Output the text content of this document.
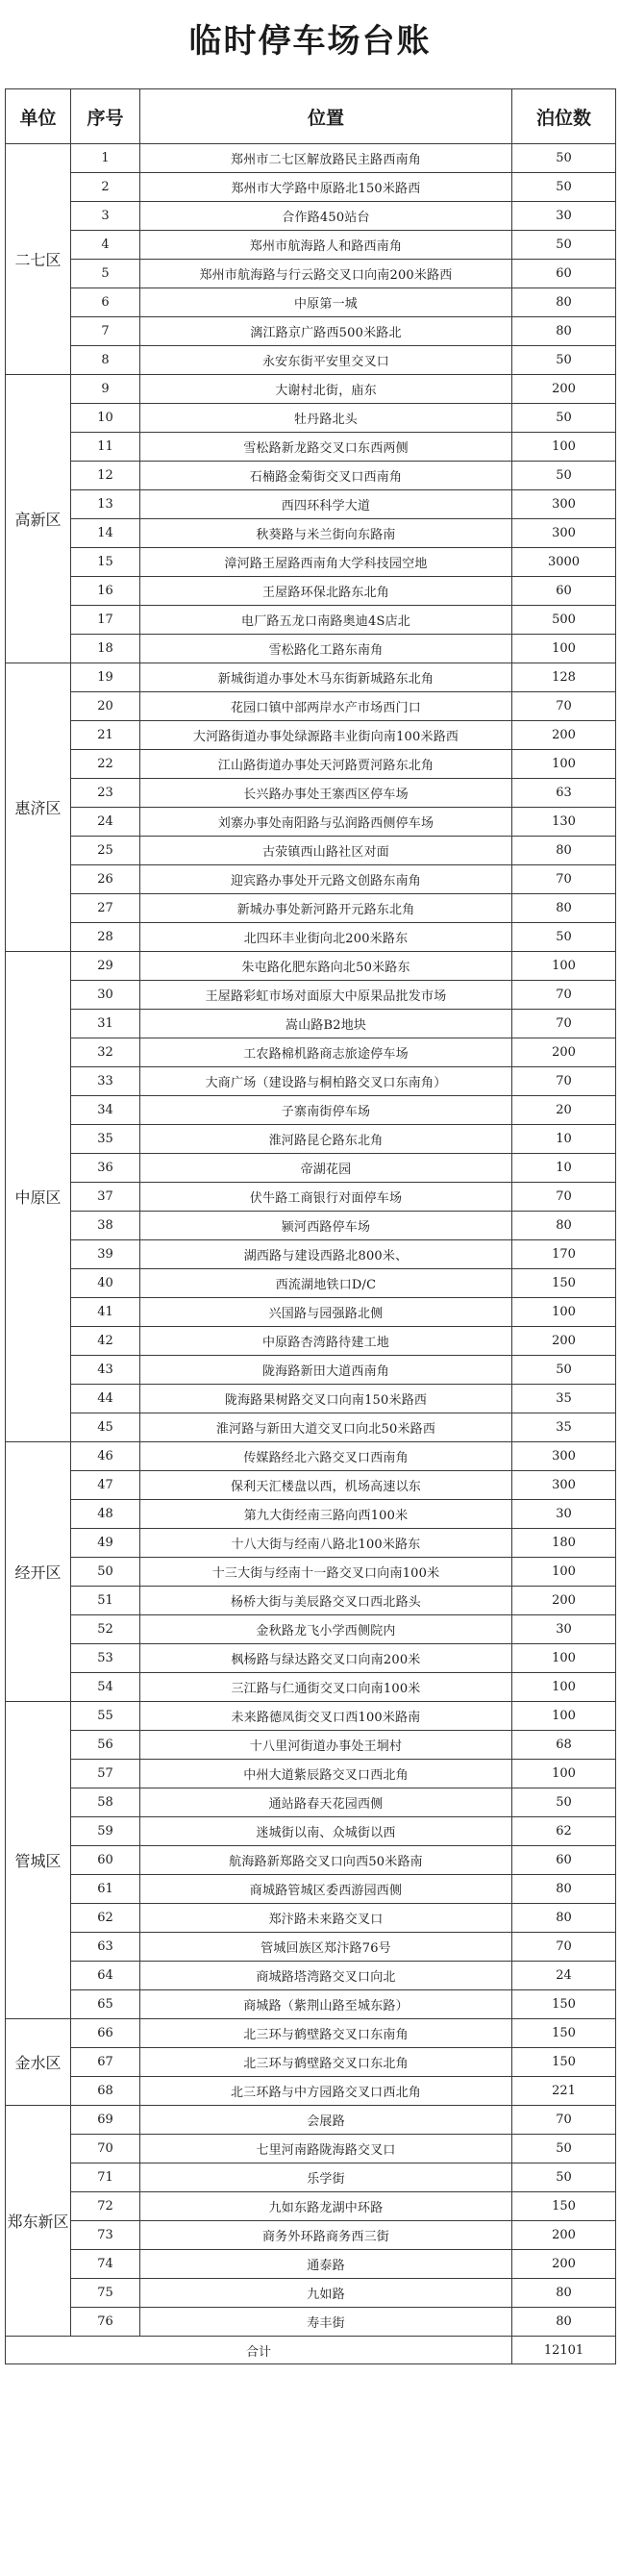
临时停车场台账
单位	序号	位置	泊位数
二七区	1	郑州市二七区解放路民主路西南角	50
	2	郑州市大学路中原路北150米路西	50
	3	合作路450站台	30
	4	郑州市航海路人和路西南角	50
	5	郑州市航海路与行云路交叉口向南200米路西	60
	6	中原第一城	80
	7	漓江路京广路西500米路北	80
	8	永安东街平安里交叉口	50
高新区	9	大谢村北街，庙东	200
	10	牡丹路北头	50
	11	雪松路新龙路交叉口东西两侧	100
	12	石楠路金菊街交叉口西南角	50
	13	西四环科学大道	300
	14	秋葵路与米兰街向东路南	300
	15	漳河路王屋路西南角大学科技园空地	3000
	16	王屋路环保北路东北角	60
	17	电厂路五龙口南路奥迪4S店北	500
	18	雪松路化工路东南角	100
惠济区	19	新城街道办事处木马东街新城路东北角	128
	20	花园口镇中部两岸水产市场西门口	70
	21	大河路街道办事处绿源路丰业街向南100米路西	200
	22	江山路街道办事处天河路贾河路东北角	100
	23	长兴路办事处王寨西区停车场	63
	24	刘寨办事处南阳路与弘润路西侧停车场	130
	25	古荥镇西山路社区对面	80
	26	迎宾路办事处开元路文创路东南角	70
	27	新城办事处新河路开元路东北角	80
	28	北四环丰业街向北200米路东	50
中原区	29	朱屯路化肥东路向北50米路东	100
	30	王屋路彩虹市场对面原大中原果品批发市场	70
	31	嵩山路B2地块	70
	32	工农路棉机路商志旅途停车场	200
	33	大商广场（建设路与桐柏路交叉口东南角）	70
	34	子寨南街停车场	20
	35	淮河路昆仑路东北角	10
	36	帝湖花园	10
	37	伏牛路工商银行对面停车场	70
	38	颍河西路停车场	80
	39	湖西路与建设西路北800米、	170
	40	西流湖地铁口D/C	150
	41	兴国路与园强路北侧	100
	42	中原路杏湾路待建工地	200
	43	陇海路新田大道西南角	50
	44	陇海路果树路交叉口向南150米路西	35
	45	淮河路与新田大道交叉口向北50米路西	35
经开区	46	传媒路经北六路交叉口西南角	300
	47	保利天汇楼盘以西，机场高速以东	300
	48	第九大街经南三路向西100米	30
	49	十八大街与经南八路北100米路东	180
	50	十三大街与经南十一路交叉口向南100米	100
	51	杨桥大街与美辰路交叉口西北路头	200
	52	金秋路龙飞小学西侧院内	30
	53	枫杨路与绿达路交叉口向南200米	100
	54	三江路与仁通街交叉口向南100米	100
管城区	55	未来路德凤街交叉口西100米路南	100
	56	十八里河街道办事处王垌村	68
	57	中州大道紫辰路交叉口西北角	100
	58	通站路春天花园西侧	50
	59	迷城街以南、众城街以西	62
	60	航海路新郑路交叉口向西50米路南	60
	61	商城路管城区委西游园西侧	80
	62	郑汴路未来路交叉口	80
	63	管城回族区郑汴路76号	70
	64	商城路塔湾路交叉口向北	24
	65	商城路（紫荆山路至城东路）	150
金水区	66	北三环与鹤壁路交叉口东南角	150
	67	北三环与鹤壁路交叉口东北角	150
	68	北三环路与中方园路交叉口西北角	221
郑东新区	69	会展路	70
	70	七里河南路陇海路交叉口	50
	71	乐学街	50
	72	九如东路龙湖中环路	150
	73	商务外环路商务西三街	200
	74	通泰路	200
	75	九如路	80
	76	寿丰街	80
合计			12101
